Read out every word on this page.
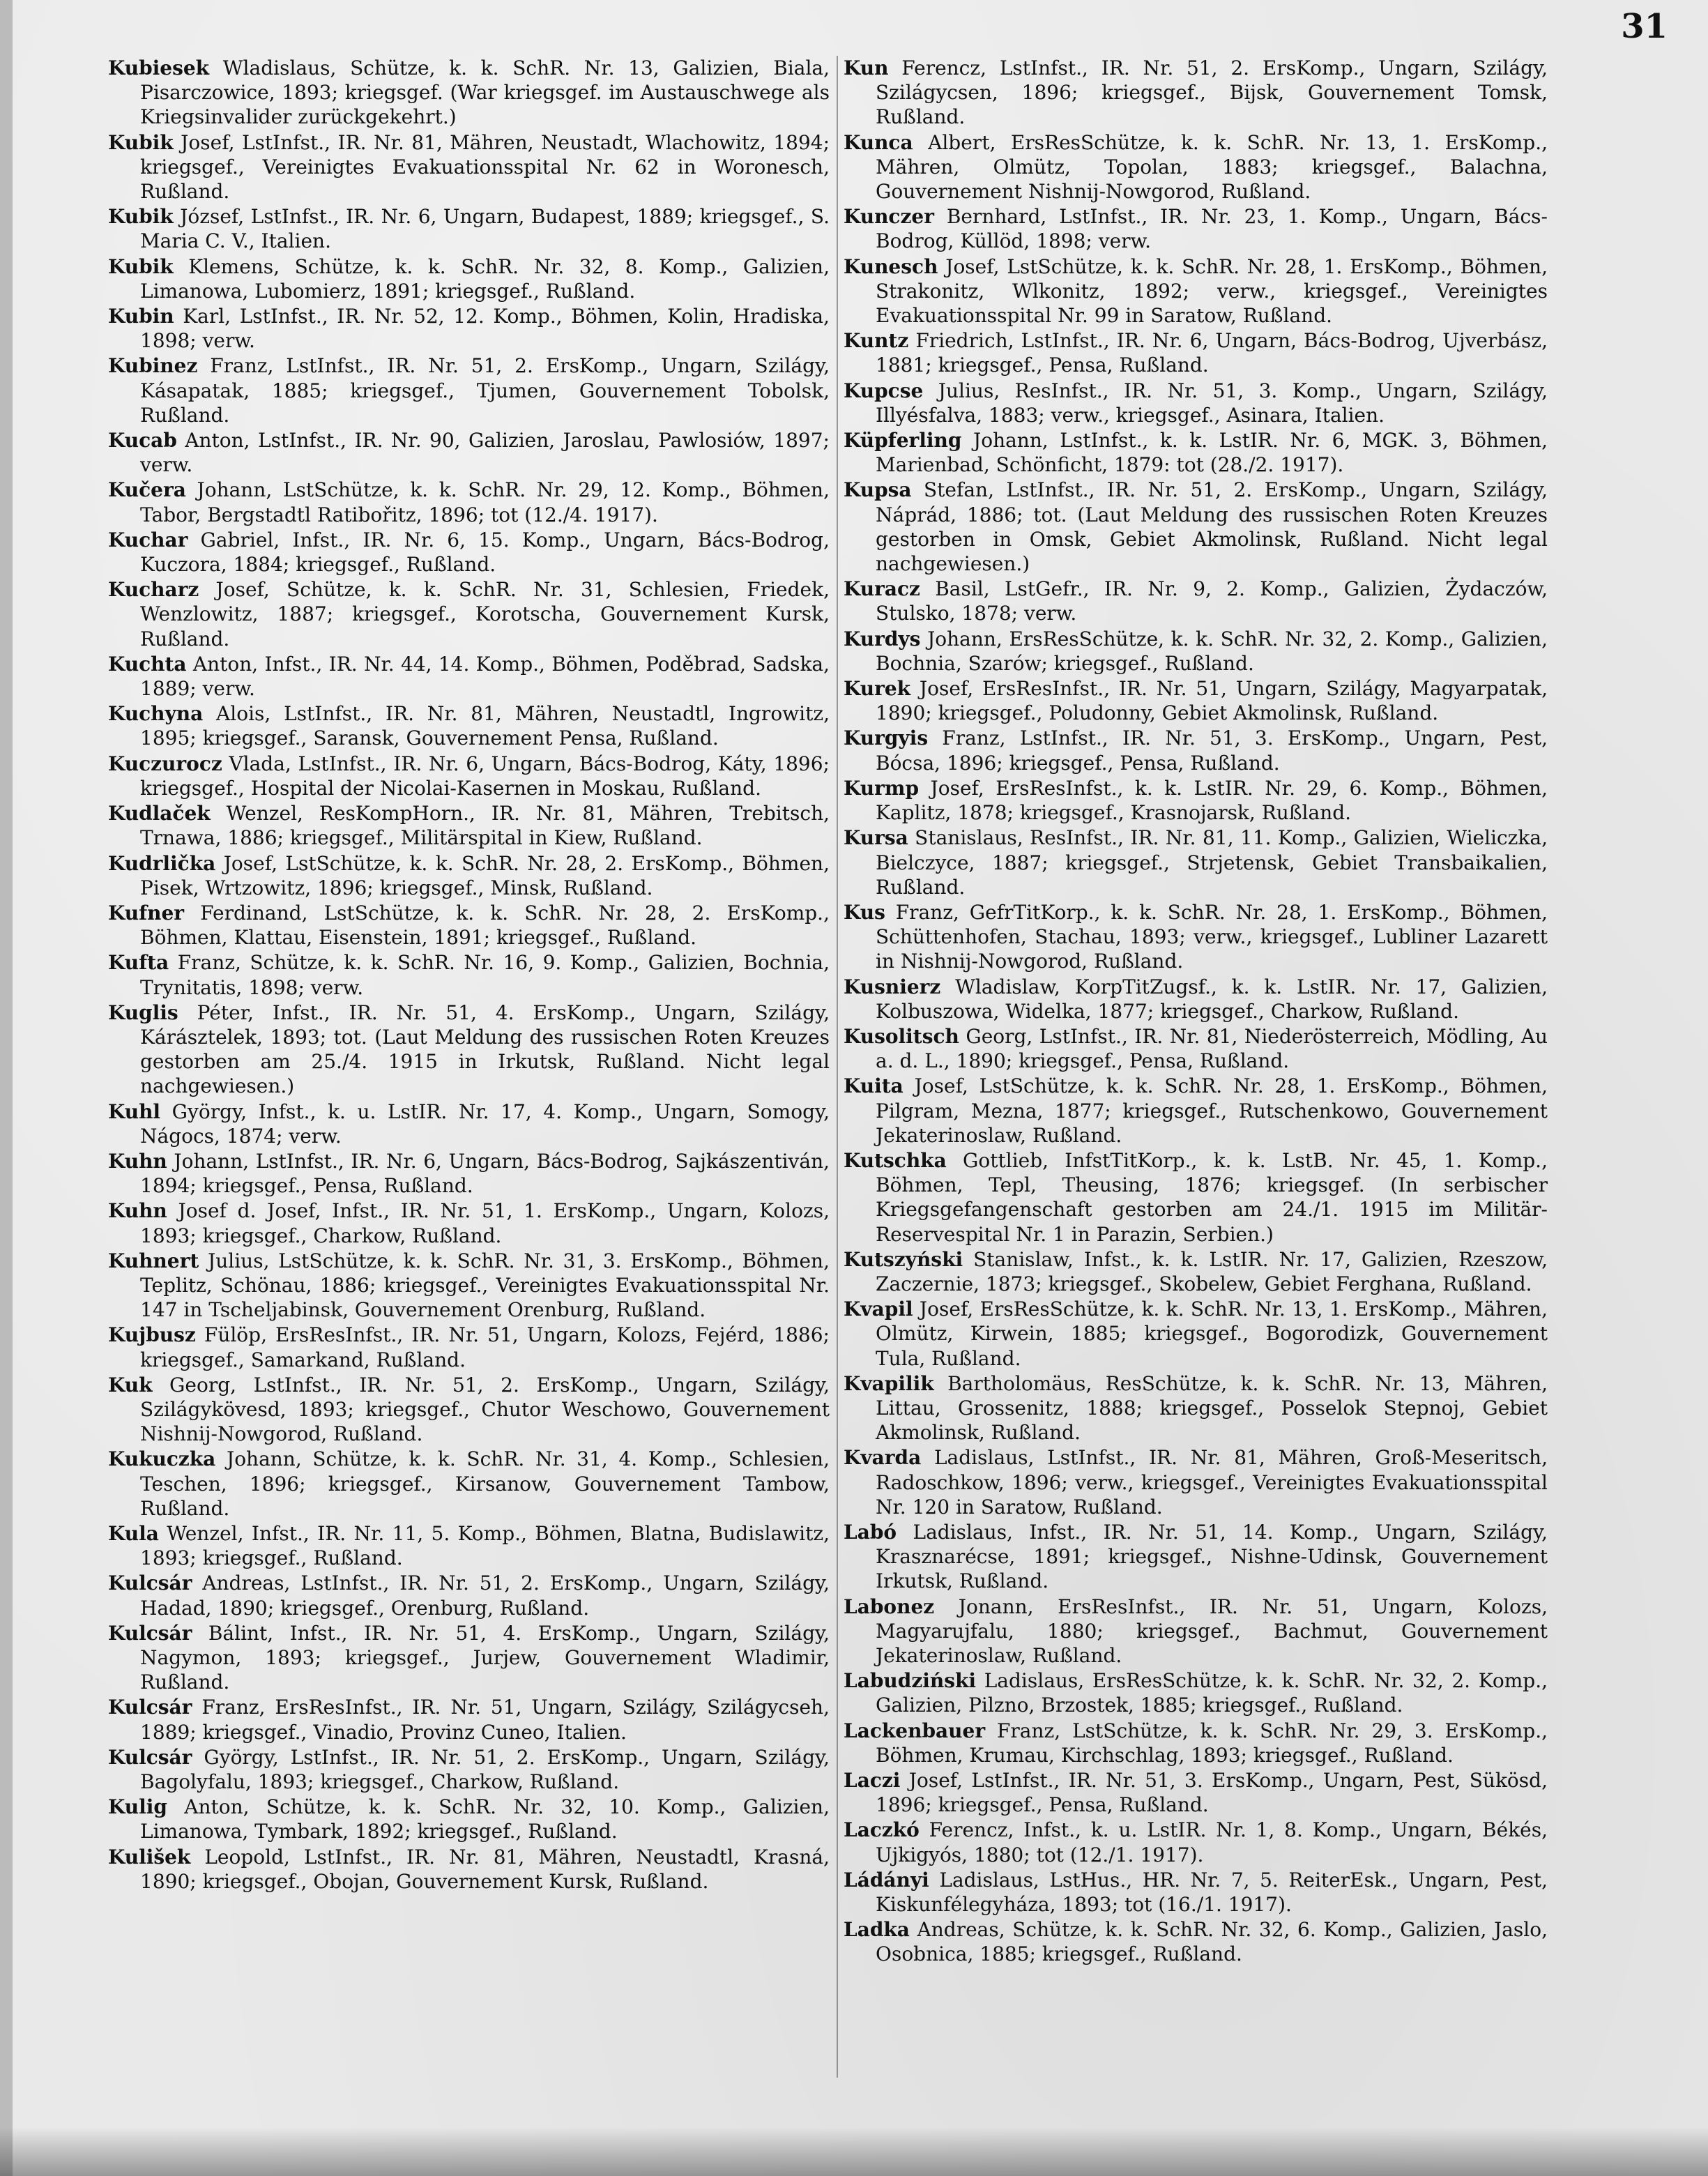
31

Kubiesek Wladislaus, Schütze, k. k. SchR. Nr. 13, Galizien, Biala, Pisarczowice, 1893; kriegsgef. (War kriegsgef. im Austauschwege als Kriegsinvalider zurückgekehrt.)

Kubik Josef, LstInfst., IR. Nr. 81, Mähren, Neustadt, Wlachowitz, 1894; kriegsgef., Vereinigtes Evakuationsspital Nr. 62 in Woronesch, Rußland.

Kubik József, LstInfst., IR. Nr. 6, Ungarn, Budapest, 1889; kriegsgef., S. Maria C. V., Italien.

Kubik Klemens, Schütze, k. k. SchR. Nr. 32, 8. Komp., Galizien, Limanowa, Lubomierz, 1891; kriegsgef., Rußland.

Kubin Karl, LstInfst., IR. Nr. 52, 12. Komp., Böhmen, Kolin, Hradiska, 1898; verw.

Kubinez Franz, LstInfst., IR. Nr. 51, 2. ErsKomp., Ungarn, Szilágy, Kásapatak, 1885; kriegsgef., Tjumen, Gouvernement Tobolsk, Rußland.

Kucab Anton, LstInfst., IR. Nr. 90, Galizien, Jaroslau, Pawlosiów, 1897; verw.

Kučera Johann, LstSchütze, k. k. SchR. Nr. 29, 12. Komp., Böhmen, Tabor, Bergstadtl Ratibořitz, 1896; tot (12./4. 1917).

Kuchar Gabriel, Infst., IR. Nr. 6, 15. Komp., Ungarn, Bács-Bodrog, Kuczora, 1884; kriegsgef., Rußland.

Kucharz Josef, Schütze, k. k. SchR. Nr. 31, Schlesien, Friedek, Wenzlowitz, 1887; kriegsgef., Korotscha, Gouvernement Kursk, Rußland.

Kuchta Anton, Infst., IR. Nr. 44, 14. Komp., Böhmen, Poděbrad, Sadska, 1889; verw.

Kuchyna Alois, LstInfst., IR. Nr. 81, Mähren, Neustadtl, Ingrowitz, 1895; kriegsgef., Saransk, Gouvernement Pensa, Rußland.

Kuczurocz Vlada, LstInfst., IR. Nr. 6, Ungarn, Bács-Bodrog, Káty, 1896; kriegsgef., Hospital der Nicolai-Kasernen in Moskau, Rußland.

Kudlaček Wenzel, ResKompHorn., IR. Nr. 81, Mähren, Trebitsch, Trnawa, 1886; kriegsgef., Militärspital in Kiew, Rußland.

Kudrlička Josef, LstSchütze, k. k. SchR. Nr. 28, 2. ErsKomp., Böhmen, Pisek, Wrtzowitz, 1896; kriegsgef., Minsk, Rußland.

Kufner Ferdinand, LstSchütze, k. k. SchR. Nr. 28, 2. ErsKomp., Böhmen, Klattau, Eisenstein, 1891; kriegsgef., Rußland.

Kufta Franz, Schütze, k. k. SchR. Nr. 16, 9. Komp., Galizien, Bochnia, Trynitatis, 1898; verw.

Kuglis Péter, Infst., IR. Nr. 51, 4. ErsKomp., Ungarn, Szilágy, Kárásztelek, 1893; tot. (Laut Meldung des russischen Roten Kreuzes gestorben am 25./4. 1915 in Irkutsk, Rußland. Nicht legal nachgewiesen.)

Kuhl György, Infst., k. u. LstIR. Nr. 17, 4. Komp., Ungarn, Somogy, Nágocs, 1874; verw.

Kuhn Johann, LstInfst., IR. Nr. 6, Ungarn, Bács-Bodrog, Sajkászentiván, 1894; kriegsgef., Pensa, Rußland.

Kuhn Josef d. Josef, Infst., IR. Nr. 51, 1. ErsKomp., Ungarn, Kolozs, 1893; kriegsgef., Charkow, Rußland.

Kuhnert Julius, LstSchütze, k. k. SchR. Nr. 31, 3. ErsKomp., Böhmen, Teplitz, Schönau, 1886; kriegsgef., Vereinigtes Evakuationsspital Nr. 147 in Tscheljabinsk, Gouvernement Orenburg, Rußland.

Kujbusz Fülöp, ErsResInfst., IR. Nr. 51, Ungarn, Kolozs, Fejérd, 1886; kriegsgef., Samarkand, Rußland.

Kuk Georg, LstInfst., IR. Nr. 51, 2. ErsKomp., Ungarn, Szilágy, Szilágykövesd, 1893; kriegsgef., Chutor Weschowo, Gouvernement Nishnij-Nowgorod, Rußland.

Kukuczka Johann, Schütze, k. k. SchR. Nr. 31, 4. Komp., Schlesien, Teschen, 1896; kriegsgef., Kirsanow, Gouvernement Tambow, Rußland.

Kula Wenzel, Infst., IR. Nr. 11, 5. Komp., Böhmen, Blatna, Budislawitz, 1893; kriegsgef., Rußland.

Kulcsár Andreas, LstInfst., IR. Nr. 51, 2. ErsKomp., Ungarn, Szilágy, Hadad, 1890; kriegsgef., Orenburg, Rußland.

Kulcsár Bálint, Infst., IR. Nr. 51, 4. ErsKomp., Ungarn, Szilágy, Nagymon, 1893; kriegsgef., Jurjew, Gouvernement Wladimir, Rußland.

Kulcsár Franz, ErsResInfst., IR. Nr. 51, Ungarn, Szilágy, Szilágycseh, 1889; kriegsgef., Vinadio, Provinz Cuneo, Italien.

Kulcsár György, LstInfst., IR. Nr. 51, 2. ErsKomp., Ungarn, Szilágy, Bagolyfalu, 1893; kriegsgef., Charkow, Rußland.

Kulig Anton, Schütze, k. k. SchR. Nr. 32, 10. Komp., Galizien, Limanowa, Tymbark, 1892; kriegsgef., Rußland.

Kulišek Leopold, LstInfst., IR. Nr. 81, Mähren, Neustadtl, Krasná, 1890; kriegsgef., Obojan, Gouvernement Kursk, Rußland.

Kun Ferencz, LstInfst., IR. Nr. 51, 2. ErsKomp., Ungarn, Szilágy, Szilágycsen, 1896; kriegsgef., Bijsk, Gouvernement Tomsk, Rußland.

Kunca Albert, ErsResSchütze, k. k. SchR. Nr. 13, 1. ErsKomp., Mähren, Olmütz, Topolan, 1883; kriegsgef., Balachna, Gouvernement Nishnij-Nowgorod, Rußland.

Kunczer Bernhard, LstInfst., IR. Nr. 23, 1. Komp., Ungarn, Bács-Bodrog, Küllöd, 1898; verw.

Kunesch Josef, LstSchütze, k. k. SchR. Nr. 28, 1. ErsKomp., Böhmen, Strakonitz, Wlkonitz, 1892; verw., kriegsgef., Vereinigtes Evakuationsspital Nr. 99 in Saratow, Rußland.

Kuntz Friedrich, LstInfst., IR. Nr. 6, Ungarn, Bács-Bodrog, Ujverbász, 1881; kriegsgef., Pensa, Rußland.

Kupcse Julius, ResInfst., IR. Nr. 51, 3. Komp., Ungarn, Szilágy, Illyésfalva, 1883; verw., kriegsgef., Asinara, Italien.

Küpferling Johann, LstInfst., k. k. LstIR. Nr. 6, MGK. 3, Böhmen, Marienbad, Schönficht, 1879: tot (28./2. 1917).

Kupsa Stefan, LstInfst., IR. Nr. 51, 2. ErsKomp., Ungarn, Szilágy, Náprád, 1886; tot. (Laut Meldung des russischen Roten Kreuzes gestorben in Omsk, Gebiet Akmolinsk, Rußland. Nicht legal nachgewiesen.)

Kuracz Basil, LstGefr., IR. Nr. 9, 2. Komp., Galizien, Żydaczów, Stulsko, 1878; verw.

Kurdys Johann, ErsResSchütze, k. k. SchR. Nr. 32, 2. Komp., Galizien, Bochnia, Szarów; kriegsgef., Rußland.

Kurek Josef, ErsResInfst., IR. Nr. 51, Ungarn, Szilágy, Magyarpatak, 1890; kriegsgef., Poludonny, Gebiet Akmolinsk, Rußland.

Kurgyis Franz, LstInfst., IR. Nr. 51, 3. ErsKomp., Ungarn, Pest, Bócsa, 1896; kriegsgef., Pensa, Rußland.

Kurmp Josef, ErsResInfst., k. k. LstIR. Nr. 29, 6. Komp., Böhmen, Kaplitz, 1878; kriegsgef., Krasnojarsk, Rußland.

Kursa Stanislaus, ResInfst., IR. Nr. 81, 11. Komp., Galizien, Wieliczka, Bielczyce, 1887; kriegsgef., Strjetensk, Gebiet Transbaikalien, Rußland.

Kus Franz, GefrTitKorp., k. k. SchR. Nr. 28, 1. ErsKomp., Böhmen, Schüttenhofen, Stachau, 1893; verw., kriegsgef., Lubliner Lazarett in Nishnij-Nowgorod, Rußland.

Kusnierz Wladislaw, KorpTitZugsf., k. k. LstIR. Nr. 17, Galizien, Kolbuszowa, Widelka, 1877; kriegsgef., Charkow, Rußland.

Kusolitsch Georg, LstInfst., IR. Nr. 81, Niederösterreich, Mödling, Au a. d. L., 1890; kriegsgef., Pensa, Rußland.

Kuita Josef, LstSchütze, k. k. SchR. Nr. 28, 1. ErsKomp., Böhmen, Pilgram, Mezna, 1877; kriegsgef., Rutschenkowo, Gouvernement Jekaterinoslaw, Rußland.

Kutschka Gottlieb, InfstTitKorp., k. k. LstB. Nr. 45, 1. Komp., Böhmen, Tepl, Theusing, 1876; kriegsgef. (In serbischer Kriegsgefangenschaft gestorben am 24./1. 1915 im Militär-Reservespital Nr. 1 in Parazin, Serbien.)

Kutszyński Stanislaw, Infst., k. k. LstIR. Nr. 17, Galizien, Rzeszow, Zaczernie, 1873; kriegsgef., Skobelew, Gebiet Ferghana, Rußland.

Kvapil Josef, ErsResSchütze, k. k. SchR. Nr. 13, 1. ErsKomp., Mähren, Olmütz, Kirwein, 1885; kriegsgef., Bogorodizk, Gouvernement Tula, Rußland.

Kvapilik Bartholomäus, ResSchütze, k. k. SchR. Nr. 13, Mähren, Littau, Grossenitz, 1888; kriegsgef., Posselok Stepnoj, Gebiet Akmolinsk, Rußland.

Kvarda Ladislaus, LstInfst., IR. Nr. 81, Mähren, Groß-Meseritsch, Radoschkow, 1896; verw., kriegsgef., Vereinigtes Evakuationsspital Nr. 120 in Saratow, Rußland.

Labó Ladislaus, Infst., IR. Nr. 51, 14. Komp., Ungarn, Szilágy, Krasznarécse, 1891; kriegsgef., Nishne-Udinsk, Gouvernement Irkutsk, Rußland.

Labonez Jonann, ErsResInfst., IR. Nr. 51, Ungarn, Kolozs, Magyarujfalu, 1880; kriegsgef., Bachmut, Gouvernement Jekaterinoslaw, Rußland.

Labudziński Ladislaus, ErsResSchütze, k. k. SchR. Nr. 32, 2. Komp., Galizien, Pilzno, Brzostek, 1885; kriegsgef., Rußland.

Lackenbauer Franz, LstSchütze, k. k. SchR. Nr. 29, 3. ErsKomp., Böhmen, Krumau, Kirchschlag, 1893; kriegsgef., Rußland.

Laczi Josef, LstInfst., IR. Nr. 51, 3. ErsKomp., Ungarn, Pest, Sükösd, 1896; kriegsgef., Pensa, Rußland.

Laczkó Ferencz, Infst., k. u. LstIR. Nr. 1, 8. Komp., Ungarn, Békés, Ujkigyós, 1880; tot (12./1. 1917).

Ládányi Ladislaus, LstHus., HR. Nr. 7, 5. ReiterEsk., Ungarn, Pest, Kiskunfélegyháza, 1893; tot (16./1. 1917).

Ladka Andreas, Schütze, k. k. SchR. Nr. 32, 6. Komp., Galizien, Jaslo, Osobnica, 1885; kriegsgef., Rußland.
